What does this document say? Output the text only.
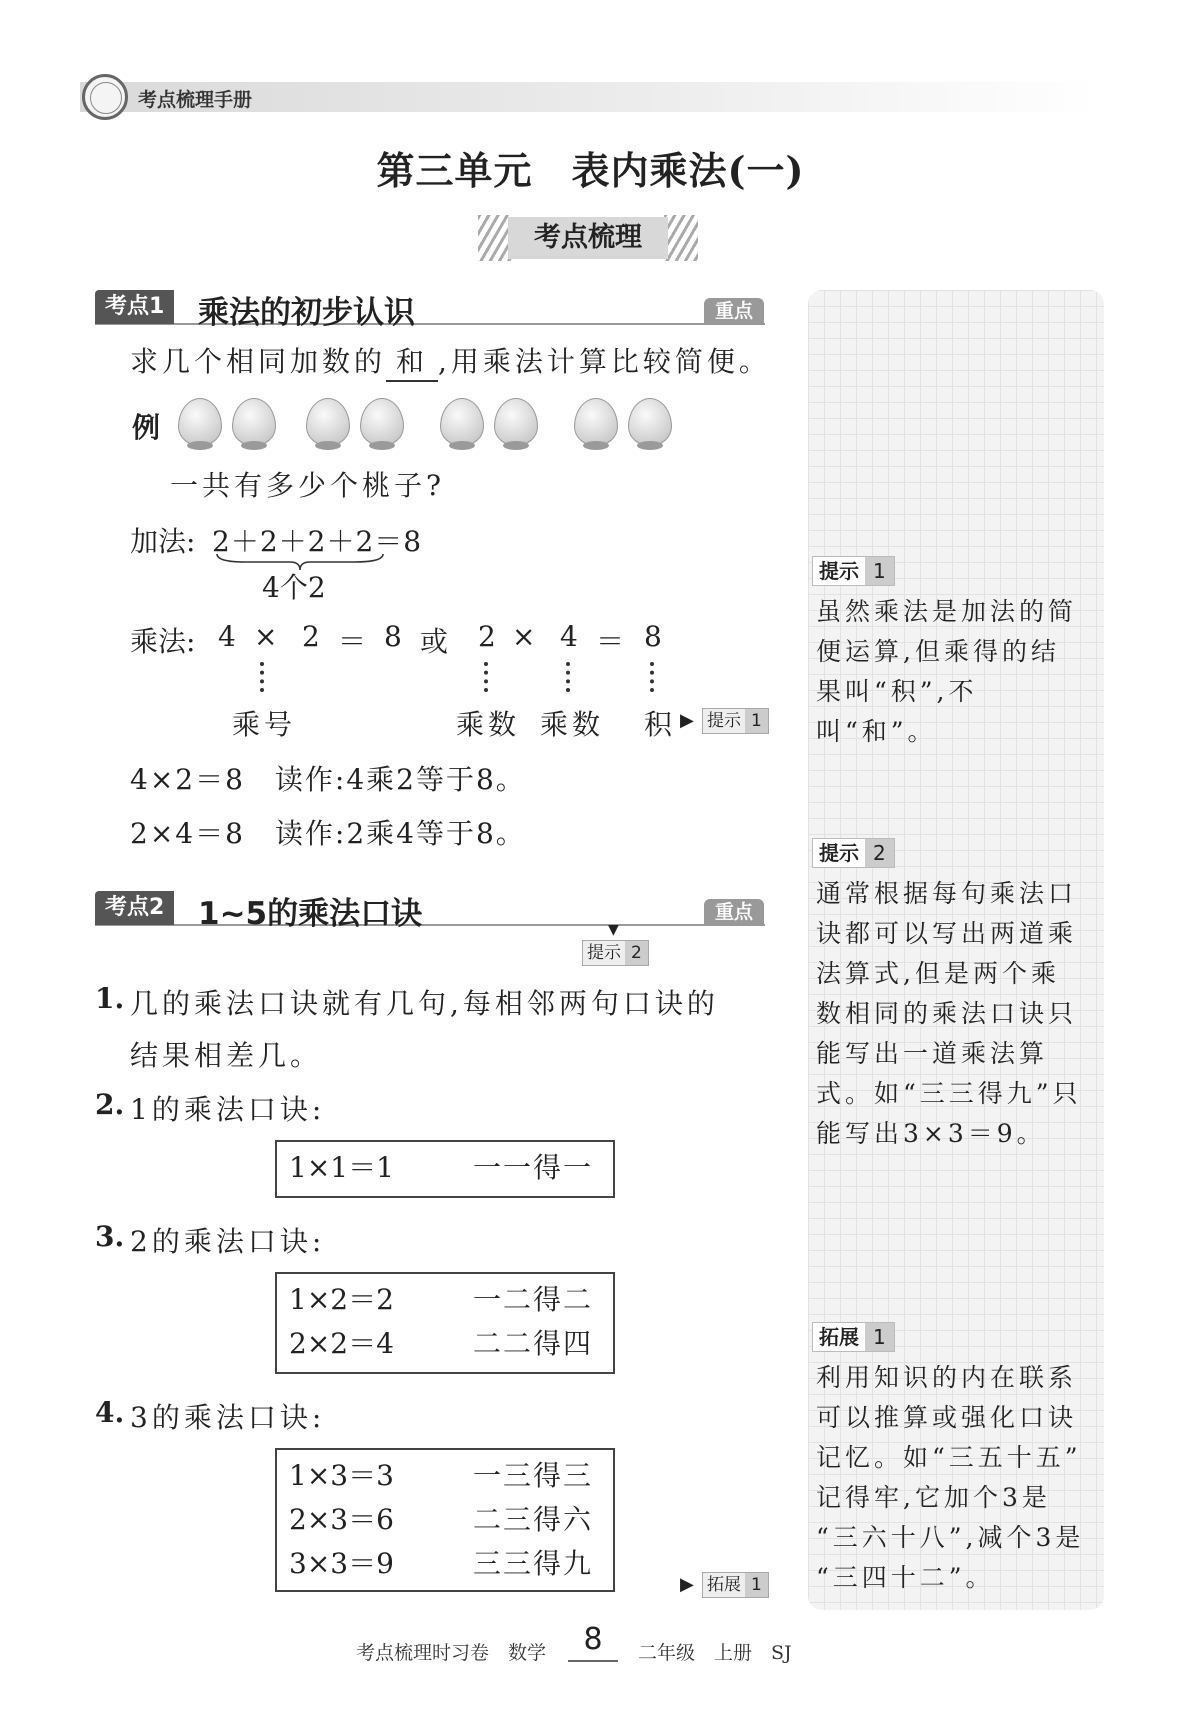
考点梳理手册
第三单元　表内乘法(一)
考点梳理
考点1	乘法的初步认识	重点
求几个相同加数的 和 ,用乘法计算比较简便。
例
一共有多少个桃子?
加法: 2＋2＋2＋2＝8
4个2
乘法: 4 × 2 ＝ 8 或 2 × 4 ＝ 8
乘号	乘数 乘数 积 ▶ 提示 1
4×2＝8　读作:4乘2等于8。
2×4＝8　读作:2乘4等于8。
考点2	1~5的乘法口诀	重点
▼
提示 2
1. 几的乘法口诀就有几句,每相邻两句口诀的
结果相差几。
2. 1的乘法口诀:
1×1＝1	一一得一
3. 2的乘法口诀:
1×2＝2	一二得二
2×2＝4	二二得四
4. 3的乘法口诀:
1×3＝3	一三得三
2×3＝6	二三得六
3×3＝9	三三得九
▶ 拓展 1
提示 1
虽然乘法是加法的简
便运算,但乘得的结
果叫“积”,不叫“和”。
提示 2
通常根据每句乘法口
诀都可以写出两道乘
法算式,但是两个乘
数相同的乘法口诀只
能写出一道乘法算
式。如“三三得九”只
能写出3×3＝9。
拓展 1
利用知识的内在联系
可以推算或强化口诀
记忆。如“三五十五”
记得牢,它加个3是
“三六十八”,减个3是
“三四十二”。
考点梳理时习卷　数学	8	二年级　上册　SJ
